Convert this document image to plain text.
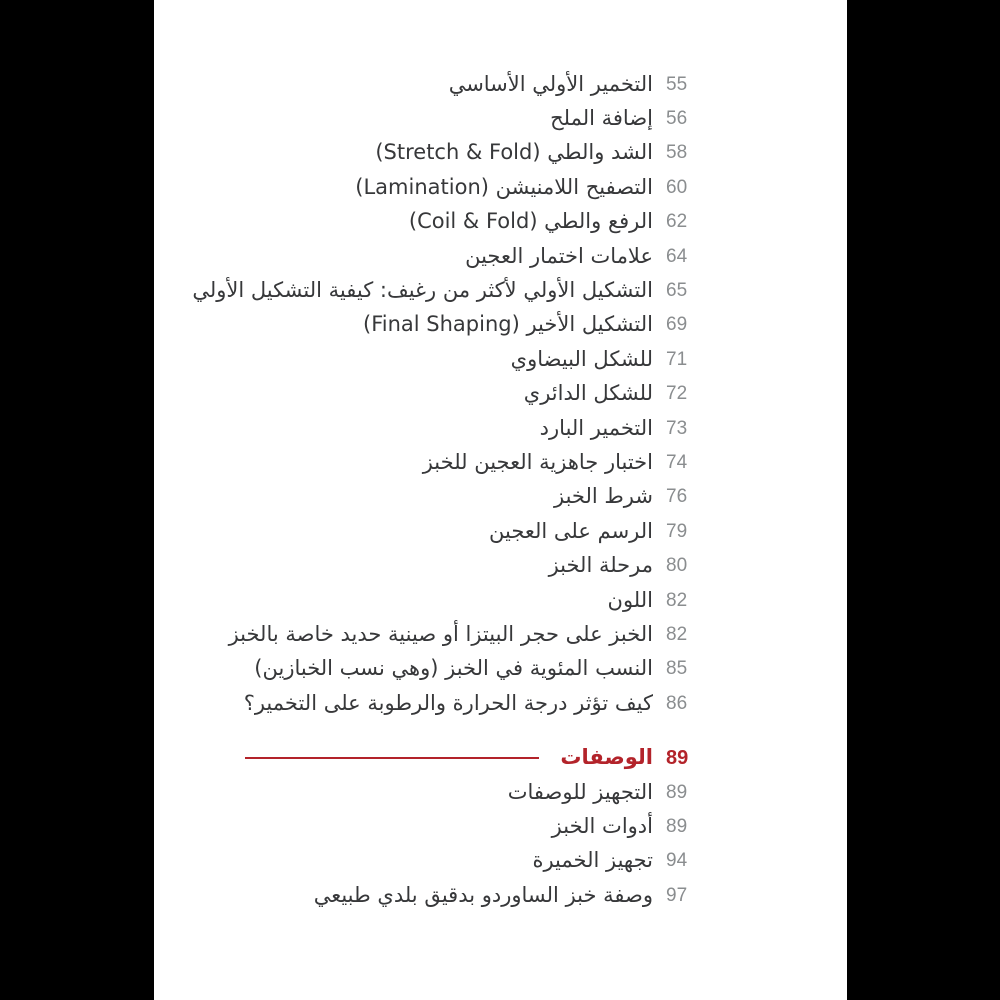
55
التخمير الأولي الأساسي
56
إضافة الملح
58
الشد والطي (Stretch & Fold)
60
التصفيح اللامنيشن (Lamination)
62
الرفع والطي (Coil & Fold)
64
علامات اختمار العجين
65
التشكيل الأولي لأكثر من رغيف: كيفية التشكيل الأولي
69
التشكيل الأخير (Final Shaping)
71
للشكل البيضاوي
72
للشكل الدائري
73
التخمير البارد
74
اختبار جاهزية العجين للخبز
76
شرط الخبز
79
الرسم على العجين
80
مرحلة الخبز
82
اللون
82
الخبز على حجر البيتزا أو صينية حديد خاصة بالخبز
85
النسب المئوية في الخبز (وهي نسب الخبازين)
86
كيف تؤثر درجة الحرارة والرطوبة على التخمير؟
89
الوصفات
89
التجهيز للوصفات
89
أدوات الخبز
94
تجهيز الخميرة
97
وصفة خبز الساوردو بدقيق بلدي طبيعي
